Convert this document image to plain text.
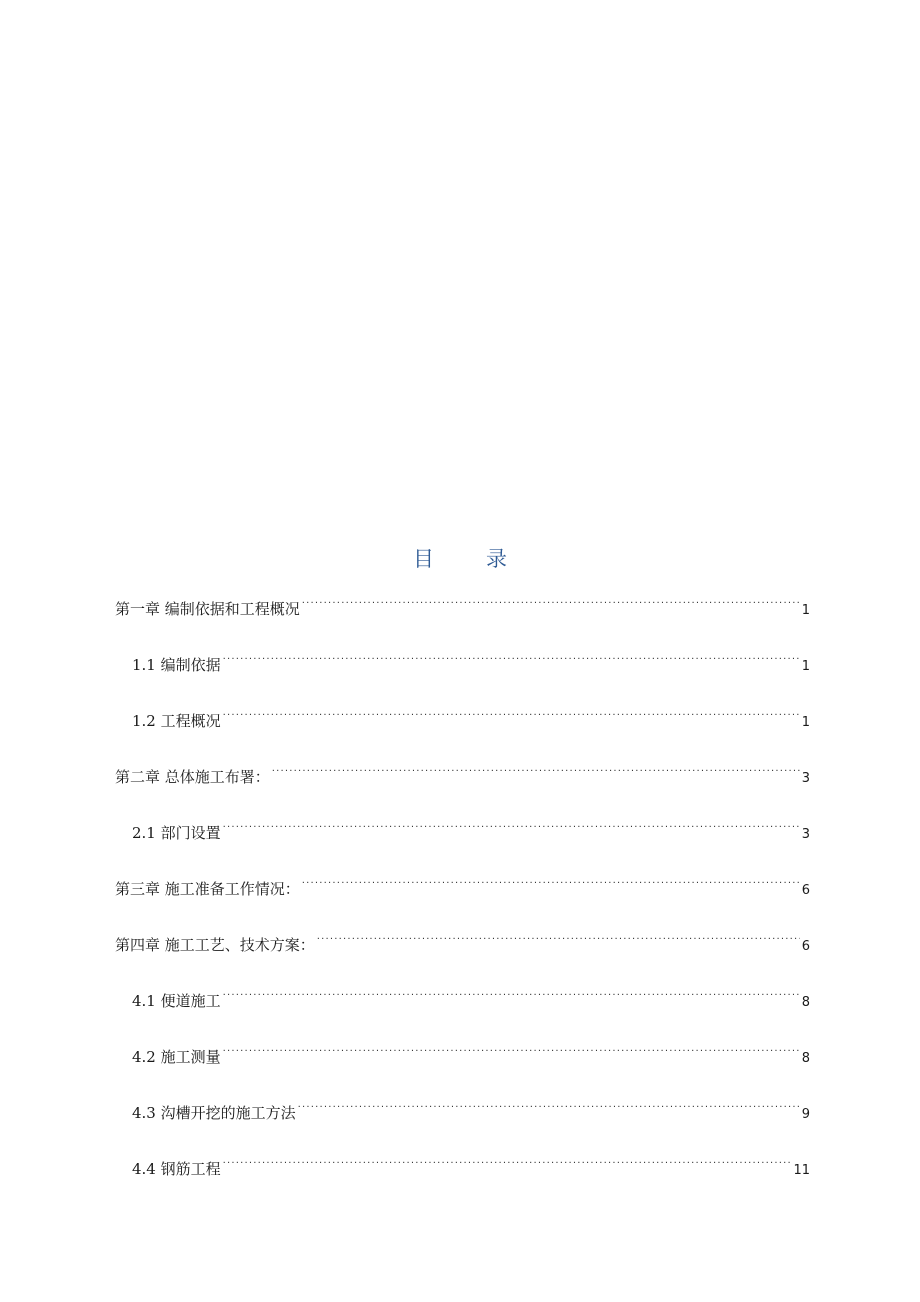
目 录
第一章 编制依据和工程概况 .....	1
1.1 编制依据 .....	1
1.2 工程概况 .....	1
第二章 总体施工布署： .....	3
2.1 部门设置 .....	3
第三章 施工准备工作情况： .....	6
第四章 施工工艺、技术方案： .....	6
4.1 便道施工 .....	8
4.2 施工测量 .....	8
4.3 沟槽开挖的施工方法 .....	9
4.4 钢筋工程 .....	11
